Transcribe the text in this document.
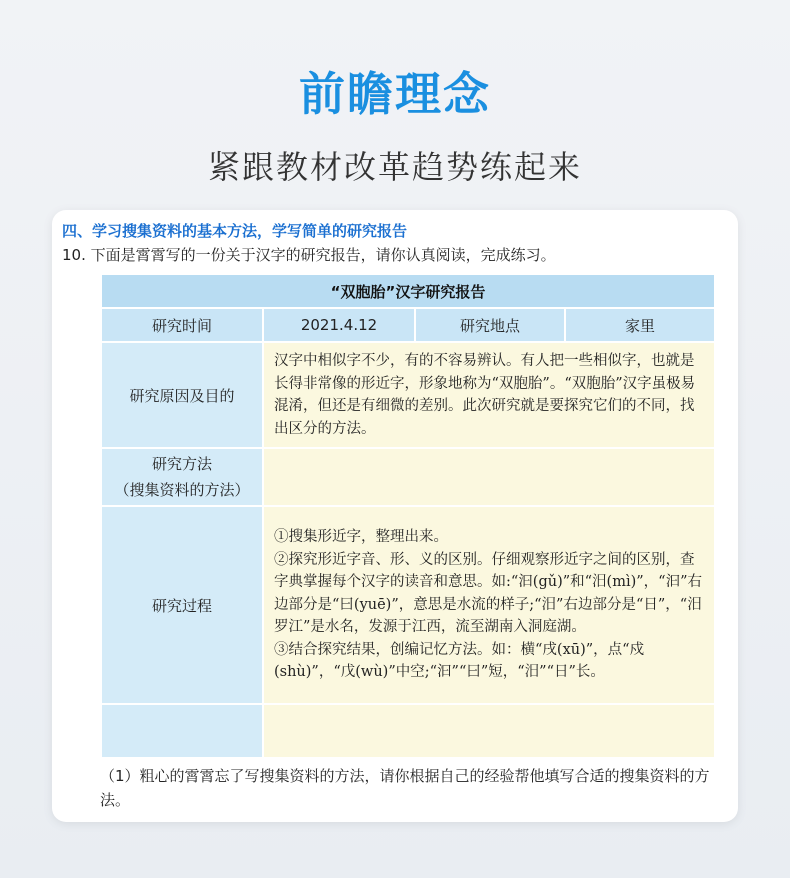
前瞻理念
紧跟教材改革趋势练起来
四、学习搜集资料的基本方法，学写简单的研究报告
10. 下面是霄霄写的一份关于汉字的研究报告，请你认真阅读，完成练习。
“双胞胎”汉字研究报告			
研究时间	2021.4.12	研究地点	家里
研究原因及目的	汉字中相似字不少，有的不容易辨认。有人把一些相似字，也就是长得非常像的形近字，形象地称为“双胞胎”。“双胞胎”汉字虽极易混淆，但还是有细微的差别。此次研究就是要探究它们的不同，找出区分的方法。		

研究方法
（搜集资料的方法）			

研究过程	①搜集形近字，整理出来。
②探究形近字音、形、义的区别。仔细观察形近字之间的区别，查字典掌握每个汉字的读音和意思。如:“汩(gǔ)”和“汨(mì)”，“汩”右边部分是“曰(yuē)”，意思是水流的样子;“汨”右边部分是“日”，“汨罗江”是水名，发源于江西，流至湖南入洞庭湖。
③结合探究结果，创编记忆方法。如：横“戌(xū)”，点“戍(shù)”，“戊(wù)”中空;“汩”“曰”短，“汨”“日”长。		

（1）粗心的霄霄忘了写搜集资料的方法，请你根据自己的经验帮他填写合适的搜集资料的方法。
